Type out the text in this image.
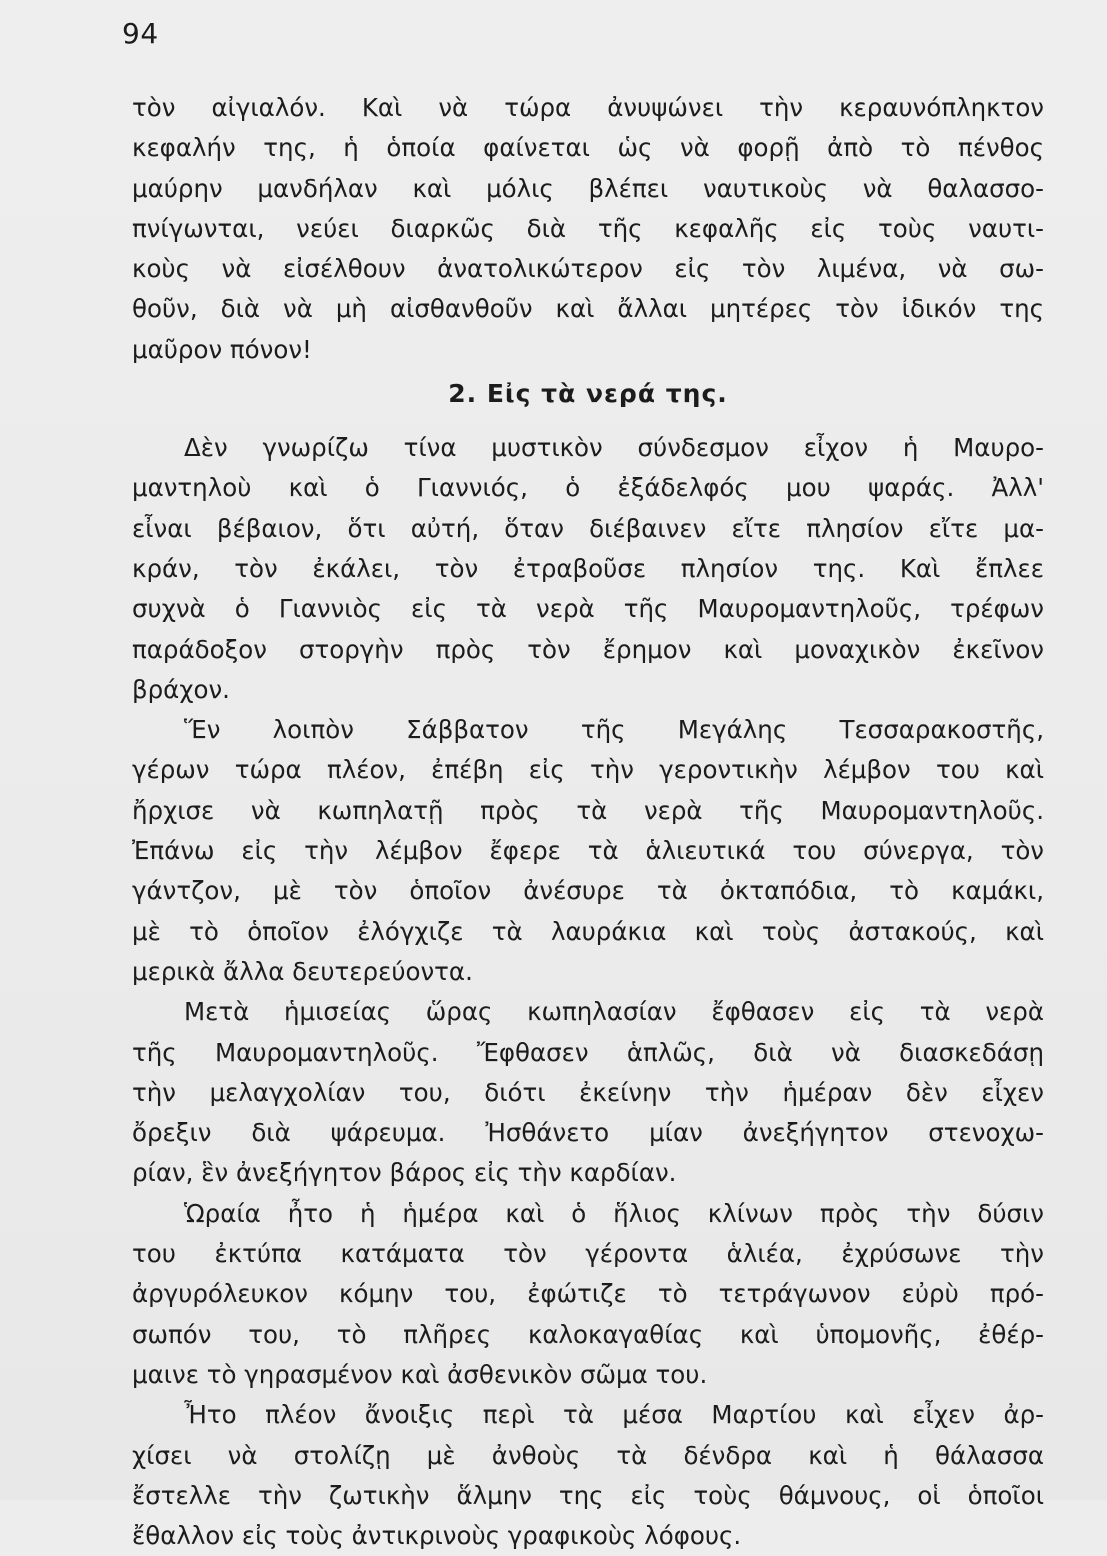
94
τὸν αἰγιαλόν. Καὶ νὰ τώρα ἀνυψώνει τὴν κεραυνόπληκτον
κεφαλήν της, ἡ ὁποία φαίνεται ὡς νὰ φορῇ ἀπὸ τὸ πένθος
μαύρην μανδήλαν καὶ μόλις βλέπει ναυτικοὺς νὰ θαλασσο-
πνίγωνται, νεύει διαρκῶς διὰ τῆς κεφαλῆς εἰς τοὺς ναυτι-
κοὺς νὰ εἰσέλθουν ἀνατολικώτερον εἰς τὸν λιμένα, νὰ σω-
θοῦν, διὰ νὰ μὴ αἰσθανθοῦν καὶ ἄλλαι μητέρες τὸν ἰδικόν της
μαῦρον πόνον!
2. Εἰς τὰ νερά της.
Δὲν γνωρίζω τίνα μυστικὸν σύνδεσμον εἶχον ἡ Μαυρο-
μαντηλοὺ καὶ ὁ Γιαννιός, ὁ ἐξάδελφός μου ψαράς. Ἀλλ'
εἶναι βέβαιον, ὅτι αὐτή, ὅταν διέβαινεν εἴτε πλησίον εἴτε μα-
κράν, τὸν ἐκάλει, τὸν ἐτραβοῦσε πλησίον της. Καὶ ἔπλεε
συχνὰ ὁ Γιαννιὸς εἰς τὰ νερὰ τῆς Μαυρομαντηλοῦς, τρέφων
παράδοξον στοργὴν πρὸς τὸν ἔρημον καὶ μοναχικὸν ἐκεῖνον
βράχον.
Ἕν λοιπὸν Σάββατον τῆς Μεγάλης Τεσσαρακοστῆς,
γέρων τώρα πλέον, ἐπέβη εἰς τὴν γεροντικὴν λέμβον του καὶ
ἤρχισε νὰ κωπηλατῇ πρὸς τὰ νερὰ τῆς Μαυρομαντηλοῦς.
Ἐπάνω εἰς τὴν λέμβον ἔφερε τὰ ἁλιευτικά του σύνεργα, τὸν
γάντζον, μὲ τὸν ὁποῖον ἀνέσυρε τὰ ὀκταπόδια, τὸ καμάκι,
μὲ τὸ ὁποῖον ἐλόγχιζε τὰ λαυράκια καὶ τοὺς ἀστακούς, καὶ
μερικὰ ἄλλα δευτερεύοντα.
Μετὰ ἡμισείας ὥρας κωπηλασίαν ἔφθασεν εἰς τὰ νερὰ
τῆς Μαυρομαντηλοῦς. Ἔφθασεν ἁπλῶς, διὰ νὰ διασκεδάσῃ
τὴν μελαγχολίαν του, διότι ἐκείνην τὴν ἡμέραν δὲν εἶχεν
ὄρεξιν διὰ ψάρευμα. Ἠσθάνετο μίαν ἀνεξήγητον στενοχω-
ρίαν, ἓν ἀνεξήγητον βάρος εἰς τὴν καρδίαν.
Ὡραία ἦτο ἡ ἡμέρα καὶ ὁ ἥλιος κλίνων πρὸς τὴν δύσιν
του ἐκτύπα κατάματα τὸν γέροντα ἁλιέα, ἐχρύσωνε τὴν
ἀργυρόλευκον κόμην του, ἐφώτιζε τὸ τετράγωνον εὐρὺ πρό-
σωπόν του, τὸ πλῆρες καλοκαγαθίας καὶ ὑπομονῆς, ἐθέρ-
μαινε τὸ γηρασμένον καὶ ἀσθενικὸν σῶμα του.
Ἦτο πλέον ἄνοιξις περὶ τὰ μέσα Μαρτίου καὶ εἶχεν ἀρ-
χίσει νὰ στολίζῃ μὲ ἀνθοὺς τὰ δένδρα καὶ ἡ θάλασσα
ἔστελλε τὴν ζωτικὴν ἅλμην της εἰς τοὺς θάμνους, οἱ ὁποῖοι
ἔθαλλον εἰς τοὺς ἀντικρινοὺς γραφικοὺς λόφους.
